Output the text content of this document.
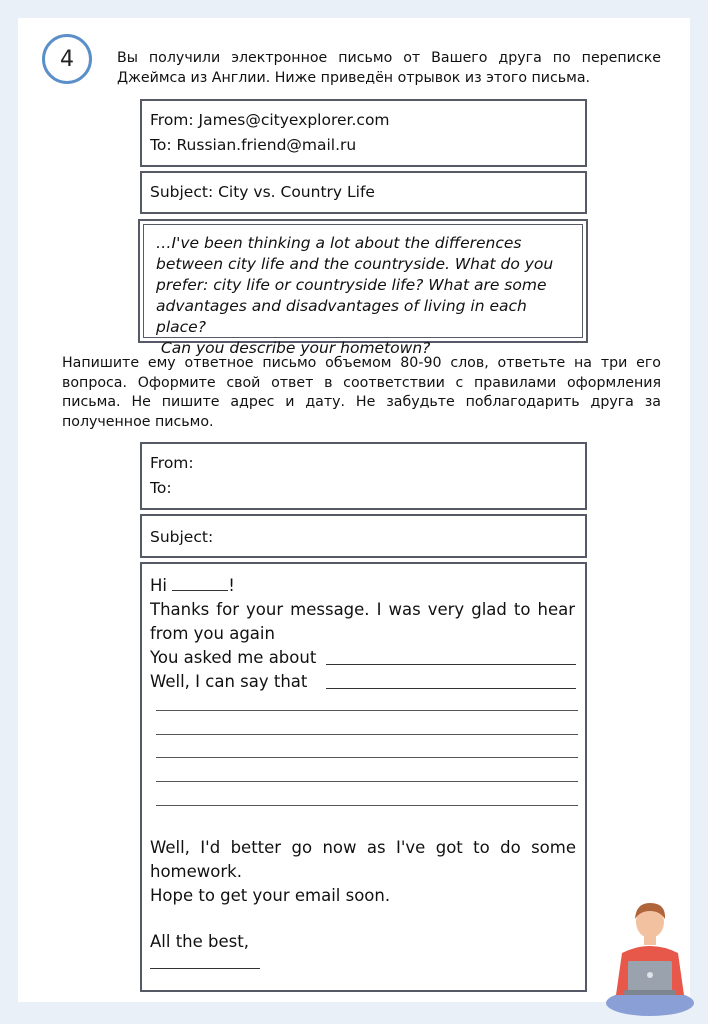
4	Вы получили электронное письмо от Вашего друга по переписке Джеймса из Англии. Ниже приведён отрывок из этого письма.
From: James@cityexplorer.com
To: Russian.friend@mail.ru
Subject: City vs. Country Life
…I've been thinking a lot about the differences
between city life and the countryside. What do you
prefer: city life or countryside life? What are some
advantages and disadvantages of living in each place?
Can you describe your hometown?
Напишите ему ответное письмо объемом 80-90 слов, ответьте на три его вопроса. Оформите свой ответ в соответствии с правилами оформления письма. Не пишите адрес и дату. Не забудьте поблагодарить друга за полученное письмо.
From:
To:
Subject:
Hi	!
Thanks for your message. I was very glad to hear from you again
You asked me about
Well, I can say that
Well, I'd better go now as I've got to do some homework.
Hope to get your email soon.
All the best,
